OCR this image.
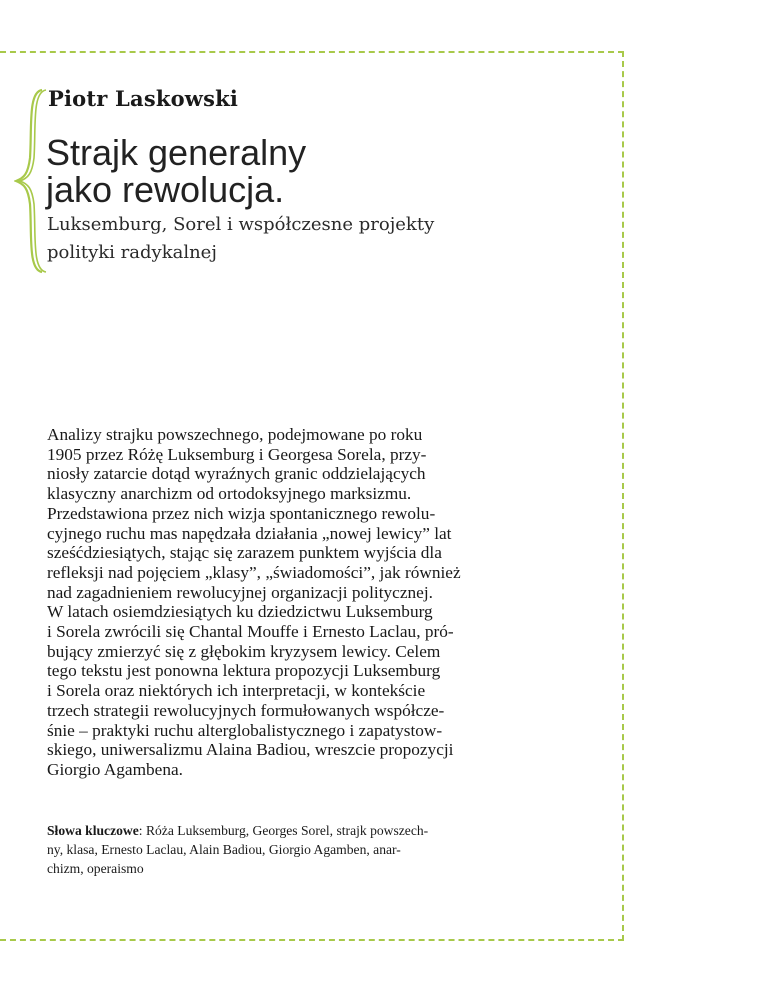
Piotr Laskowski
Strajk generalny
jako rewolucja.

Luksemburg, Sorel i współczesne projekty
polityki radykalnej

Analizy strajku powszechnego, podejmowane po roku
1905 przez Różę Luksemburg i Georgesa Sorela, przy-
niosły zatarcie dotąd wyraźnych granic oddzielających
klasyczny anarchizm od ortodoksyjnego marksizmu.
Przedstawiona przez nich wizja spontanicznego rewolu-
cyjnego ruchu mas napędzała działania „nowej lewicy” lat
sześćdziesiątych, stając się zarazem punktem wyjścia dla
refleksji nad pojęciem „klasy”, „świadomości”, jak również
nad zagadnieniem rewolucyjnej organizacji politycznej.
W latach osiemdziesiątych ku dziedzictwu Luksemburg
i Sorela zwrócili się Chantal Mouffe i Ernesto Laclau, pró-
bujący zmierzyć się z głębokim kryzysem lewicy. Celem
tego tekstu jest ponowna lektura propozycji Luksemburg
i Sorela oraz niektórych ich interpretacji, w kontekście
trzech strategii rewolucyjnych formułowanych współcze-
śnie – praktyki ruchu alterglobalistycznego i zapatystow-
skiego, uniwersalizmu Alaina Badiou, wreszcie propozycji
Giorgio Agambena.

Słowa kluczowe: Róża Luksemburg, Georges Sorel, strajk powszech-
ny, klasa, Ernesto Laclau, Alain Badiou, Giorgio Agamben, anar-
chizm, operaismo
